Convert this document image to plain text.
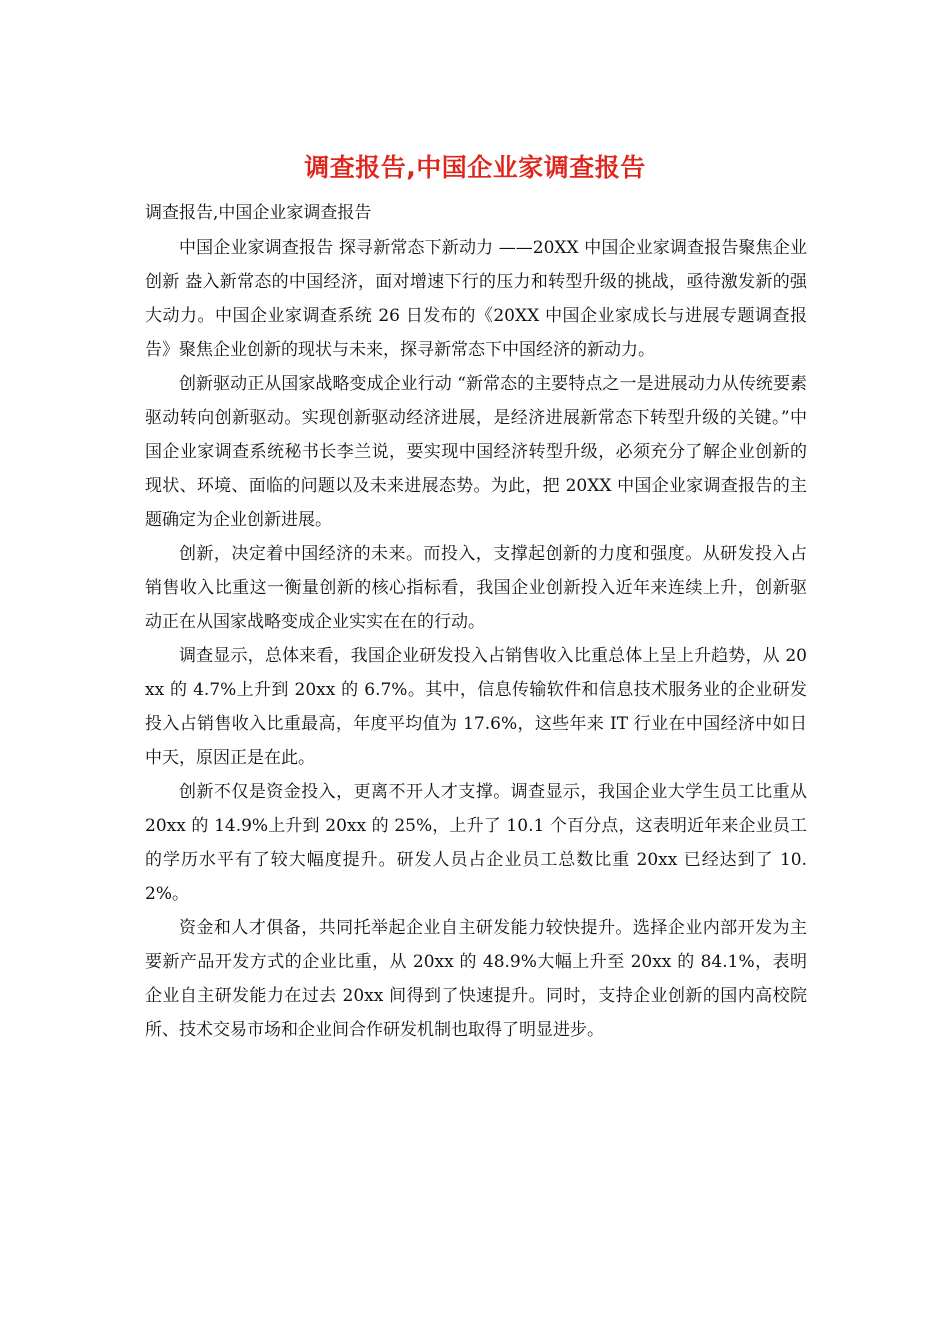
调查报告,中国企业家调查报告

调查报告,中国企业家调查报告

中国企业家调查报告 探寻新常态下新动力 ——20XX 中国企业家调查报告聚焦企业创新 盎入新常态的中国经济，面对增速下行的压力和转型升级的挑战，亟待激发新的强大动力。中国企业家调查系统 26 日发布的《20XX 中国企业家成长与进展专题调查报告》聚焦企业创新的现状与未来，探寻新常态下中国经济的新动力。

创新驱动正从国家战略变成企业行动 “新常态的主要特点之一是进展动力从传统要素驱动转向创新驱动。实现创新驱动经济进展，是经济进展新常态下转型升级的关键。”中国企业家调查系统秘书长李兰说，要实现中国经济转型升级，必须充分了解企业创新的现状、环境、面临的问题以及未来进展态势。为此，把 20XX 中国企业家调查报告的主题确定为企业创新进展。

创新，决定着中国经济的未来。而投入，支撑起创新的力度和强度。从研发投入占销售收入比重这一衡量创新的核心指标看，我国企业创新投入近年来连续上升，创新驱动正在从国家战略变成企业实实在在的行动。

调查显示，总体来看，我国企业研发投入占销售收入比重总体上呈上升趋势，从 20xx 的 4.7%上升到 20xx 的 6.7%。其中，信息传输软件和信息技术服务业的企业研发投入占销售收入比重最高，年度平均值为 17.6%，这些年来 IT 行业在中国经济中如日中天，原因正是在此。

创新不仅是资金投入，更离不开人才支撑。调查显示，我国企业大学生员工比重从 20xx 的 14.9%上升到 20xx 的 25%，上升了 10.1 个百分点，这表明近年来企业员工的学历水平有了较大幅度提升。研发人员占企业员工总数比重 20xx 已经达到了 10.2%。

资金和人才俱备，共同托举起企业自主研发能力较快提升。选择企业内部开发为主要新产品开发方式的企业比重，从 20xx 的 48.9%大幅上升至 20xx 的 84.1%，表明企业自主研发能力在过去 20xx 间得到了快速提升。同时，支持企业创新的国内高校院所、技术交易市场和企业间合作研发机制也取得了明显进步。
